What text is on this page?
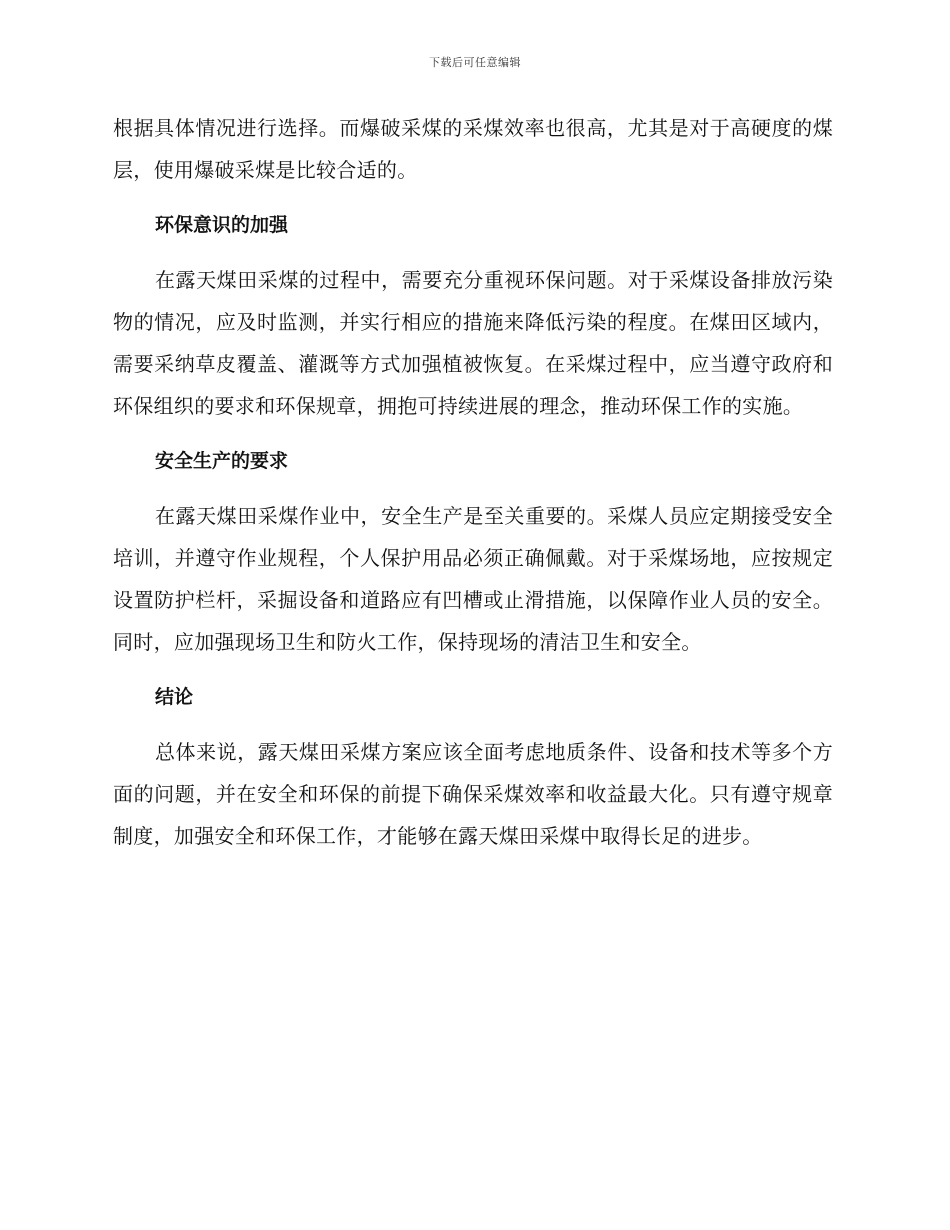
下载后可任意编辑

根据具体情况进行选择。而爆破采煤的采煤效率也很高，尤其是对于高硬度的煤层，使用爆破采煤是比较合适的。

环保意识的加强

在露天煤田采煤的过程中，需要充分重视环保问题。对于采煤设备排放污染物的情况，应及时监测，并实行相应的措施来降低污染的程度。在煤田区域内，需要采纳草皮覆盖、灌溉等方式加强植被恢复。在采煤过程中，应当遵守政府和环保组织的要求和环保规章，拥抱可持续进展的理念，推动环保工作的实施。

安全生产的要求

在露天煤田采煤作业中，安全生产是至关重要的。采煤人员应定期接受安全培训，并遵守作业规程，个人保护用品必须正确佩戴。对于采煤场地，应按规定设置防护栏杆，采掘设备和道路应有凹槽或止滑措施，以保障作业人员的安全。同时，应加强现场卫生和防火工作，保持现场的清洁卫生和安全。

结论

总体来说，露天煤田采煤方案应该全面考虑地质条件、设备和技术等多个方面的问题，并在安全和环保的前提下确保采煤效率和收益最大化。只有遵守规章制度，加强安全和环保工作，才能够在露天煤田采煤中取得长足的进步。
